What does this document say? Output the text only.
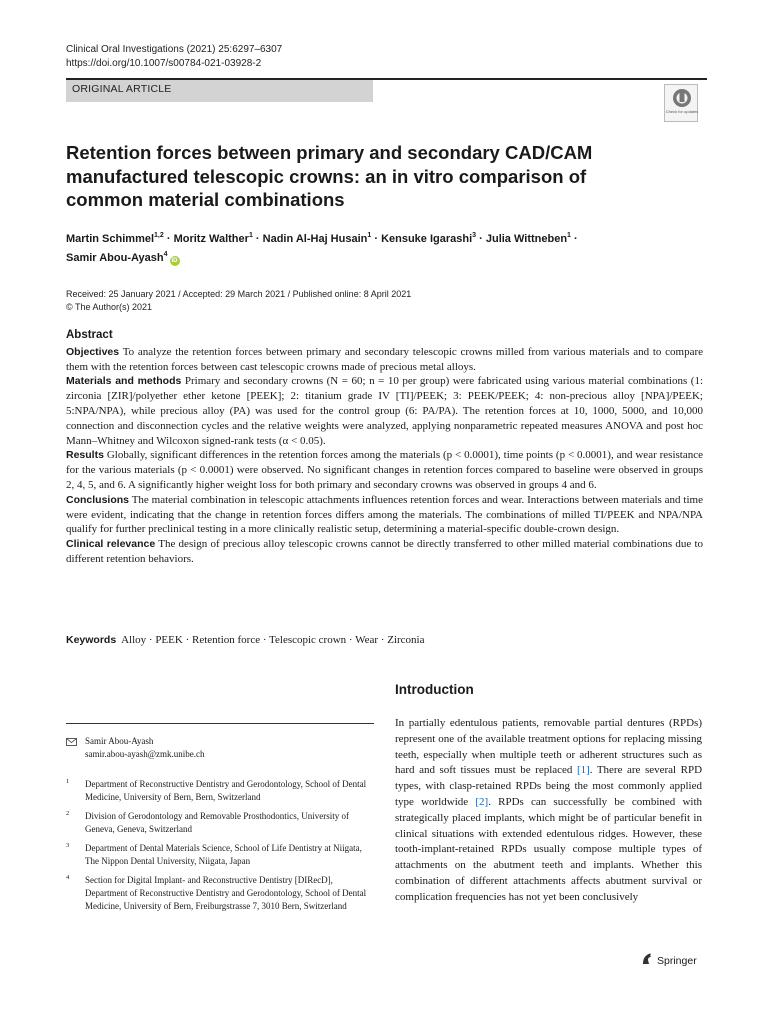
Clinical Oral Investigations (2021) 25:6297–6307
https://doi.org/10.1007/s00784-021-03928-2
ORIGINAL ARTICLE
Check for updates
Retention forces between primary and secondary CAD/CAM manufactured telescopic crowns: an in vitro comparison of common material combinations
Martin Schimmel$^{1,2}$ · Moritz Walther$^1$ · Nadin Al-Haj Husain$^1$ · Kensuke Igarashi$^3$ · Julia Wittneben$^1$ ·
Samir Abou-Ayash$^4$iD
Received: 25 January 2021 / Accepted: 29 March 2021 / Published online: 8 April 2021
© The Author(s) 2021
Abstract

Objectives To analyze the retention forces between primary and secondary telescopic crowns milled from various materials and to compare them with the retention forces between cast telescopic crowns made of precious metal alloys.

Materials and methods Primary and secondary crowns (N = 60; n = 10 per group) were fabricated using various material combinations (1: zirconia [ZIR]/polyether ether ketone [PEEK]; 2: titanium grade IV [TI]/PEEK; 3: PEEK/PEEK; 4: non-precious alloy [NPA]/PEEK; 5:NPA/NPA), while precious alloy (PA) was used for the control group (6: PA/PA). The retention forces at 10, 1000, 5000, and 10,000 connection and disconnection cycles and the relative weights were analyzed, applying nonparametric repeated measures ANOVA and post hoc Mann–Whitney and Wilcoxon signed-rank tests (α < 0.05).

Results Globally, significant differences in the retention forces among the materials (p < 0.0001), time points (p < 0.0001), and wear resistance for the various materials (p < 0.0001) were observed. No significant changes in retention forces compared to baseline were observed in groups 2, 4, 5, and 6. A significantly higher weight loss for both primary and secondary crowns was observed in groups 4 and 6.

Conclusions The material combination in telescopic attachments influences retention forces and wear. Interactions between materials and time were evident, indicating that the change in retention forces differs among the materials. The combinations of milled TI/PEEK and NPA/NPA qualify for further preclinical testing in a more clinically realistic setup, determining a material-specific double-crown design.

Clinical relevance The design of precious alloy telescopic crowns cannot be directly transferred to other milled material combinations due to different retention behaviors.

Keywords Alloy · PEEK · Retention force · Telescopic crown · Wear · Zirconia
Introduction
In partially edentulous patients, removable partial dentures (RPDs) represent one of the available treatment options for replacing missing teeth, especially when multiple teeth or adherent structures such as hard and soft tissues must be replaced [1]. There are several RPD types, with clasp-retained RPDs being the most commonly applied type worldwide [2]. RPDs can successfully be combined with strategically placed implants, which might be of particular benefit in clinical situations with extended edentulous ridges. However, these tooth-implant-retained RPDs usually compose multiple types of attachments on the abutment teeth and implants. Whether this combination of different attachments affects abutment survival or complication frequencies has not yet been conclusively
Samir Abou-Ayash
samir.abou-ayash@zmk.unibe.ch
1 Department of Reconstructive Dentistry and Gerodontology, School of Dental Medicine, University of Bern, Bern, Switzerland
2 Division of Gerodontology and Removable Prosthodontics, University of Geneva, Geneva, Switzerland
3 Department of Dental Materials Science, School of Life Dentistry at Niigata, The Nippon Dental University, Niigata, Japan
4 Section for Digital Implant- and Reconstructive Dentistry [DIRecD], Department of Reconstructive Dentistry and Gerodontology, School of Dental Medicine, University of Bern, Freiburgstrasse 7, 3010 Bern, Switzerland
Springer
